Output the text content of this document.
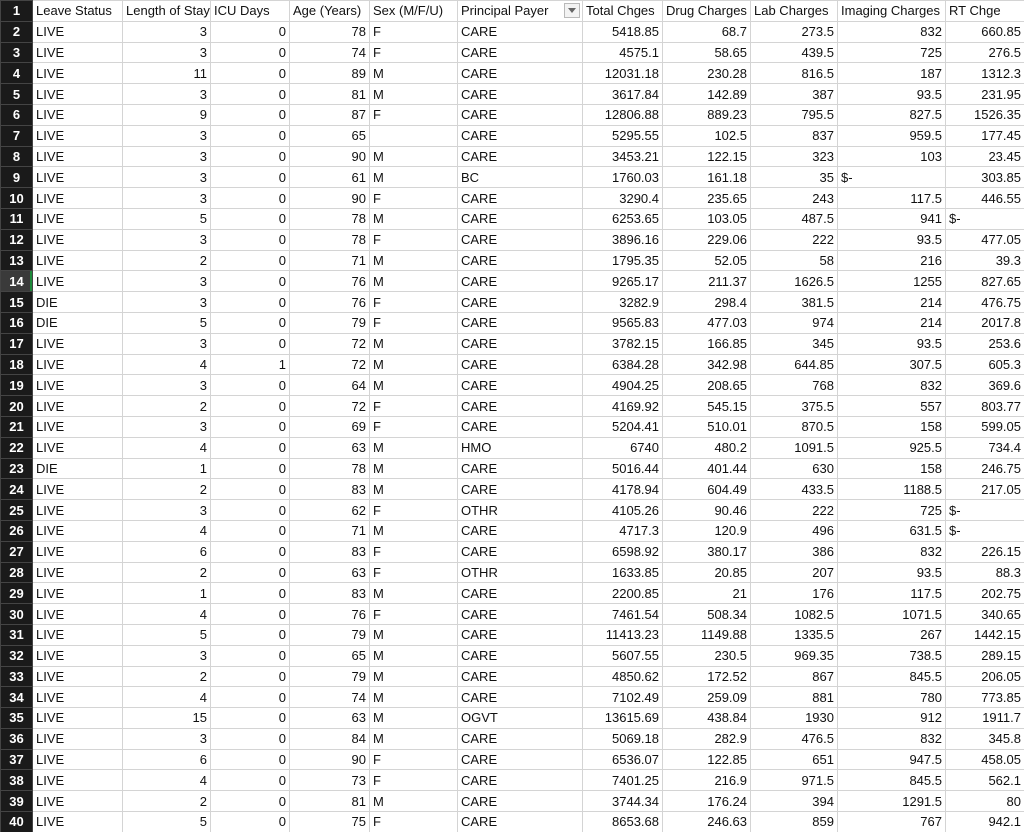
1	Leave Status	Length of Stay	ICU Days	Age (Years)	Sex (M/F/U)	Principal Payer	Total Chges	Drug Charges	Lab Charges	Imaging Charges	RT Chge
2	LIVE	3	0	78	F	CARE	5418.85	68.7	273.5	832	660.85
3	LIVE	3	0	74	F	CARE	4575.1	58.65	439.5	725	276.5
4	LIVE	11	0	89	M	CARE	12031.18	230.28	816.5	187	1312.3
5	LIVE	3	0	81	M	CARE	3617.84	142.89	387	93.5	231.95
6	LIVE	9	0	87	F	CARE	12806.88	889.23	795.5	827.5	1526.35
7	LIVE	3	0	65		CARE	5295.55	102.5	837	959.5	177.45
8	LIVE	3	0	90	M	CARE	3453.21	122.15	323	103	23.45
9	LIVE	3	0	61	M	BC	1760.03	161.18	35	$-	303.85
10	LIVE	3	0	90	F	CARE	3290.4	235.65	243	117.5	446.55
11	LIVE	5	0	78	M	CARE	6253.65	103.05	487.5	941	$-
12	LIVE	3	0	78	F	CARE	3896.16	229.06	222	93.5	477.05
13	LIVE	2	0	71	M	CARE	1795.35	52.05	58	216	39.3
14	LIVE	3	0	76	M	CARE	9265.17	211.37	1626.5	1255	827.65
15	DIE	3	0	76	F	CARE	3282.9	298.4	381.5	214	476.75
16	DIE	5	0	79	F	CARE	9565.83	477.03	974	214	2017.8
17	LIVE	3	0	72	M	CARE	3782.15	166.85	345	93.5	253.6
18	LIVE	4	1	72	M	CARE	6384.28	342.98	644.85	307.5	605.3
19	LIVE	3	0	64	M	CARE	4904.25	208.65	768	832	369.6
20	LIVE	2	0	72	F	CARE	4169.92	545.15	375.5	557	803.77
21	LIVE	3	0	69	F	CARE	5204.41	510.01	870.5	158	599.05
22	LIVE	4	0	63	M	HMO	6740	480.2	1091.5	925.5	734.4
23	DIE	1	0	78	M	CARE	5016.44	401.44	630	158	246.75
24	LIVE	2	0	83	M	CARE	4178.94	604.49	433.5	1188.5	217.05
25	LIVE	3	0	62	F	OTHR	4105.26	90.46	222	725	$-
26	LIVE	4	0	71	M	CARE	4717.3	120.9	496	631.5	$-
27	LIVE	6	0	83	F	CARE	6598.92	380.17	386	832	226.15
28	LIVE	2	0	63	F	OTHR	1633.85	20.85	207	93.5	88.3
29	LIVE	1	0	83	M	CARE	2200.85	21	176	117.5	202.75
30	LIVE	4	0	76	F	CARE	7461.54	508.34	1082.5	1071.5	340.65
31	LIVE	5	0	79	M	CARE	11413.23	1149.88	1335.5	267	1442.15
32	LIVE	3	0	65	M	CARE	5607.55	230.5	969.35	738.5	289.15
33	LIVE	2	0	79	M	CARE	4850.62	172.52	867	845.5	206.05
34	LIVE	4	0	74	M	CARE	7102.49	259.09	881	780	773.85
35	LIVE	15	0	63	M	OGVT	13615.69	438.84	1930	912	1911.7
36	LIVE	3	0	84	M	CARE	5069.18	282.9	476.5	832	345.8
37	LIVE	6	0	90	F	CARE	6536.07	122.85	651	947.5	458.05
38	LIVE	4	0	73	F	CARE	7401.25	216.9	971.5	845.5	562.1
39	LIVE	2	0	81	M	CARE	3744.34	176.24	394	1291.5	80
40	LIVE	5	0	75	F	CARE	8653.68	246.63	859	767	942.1
